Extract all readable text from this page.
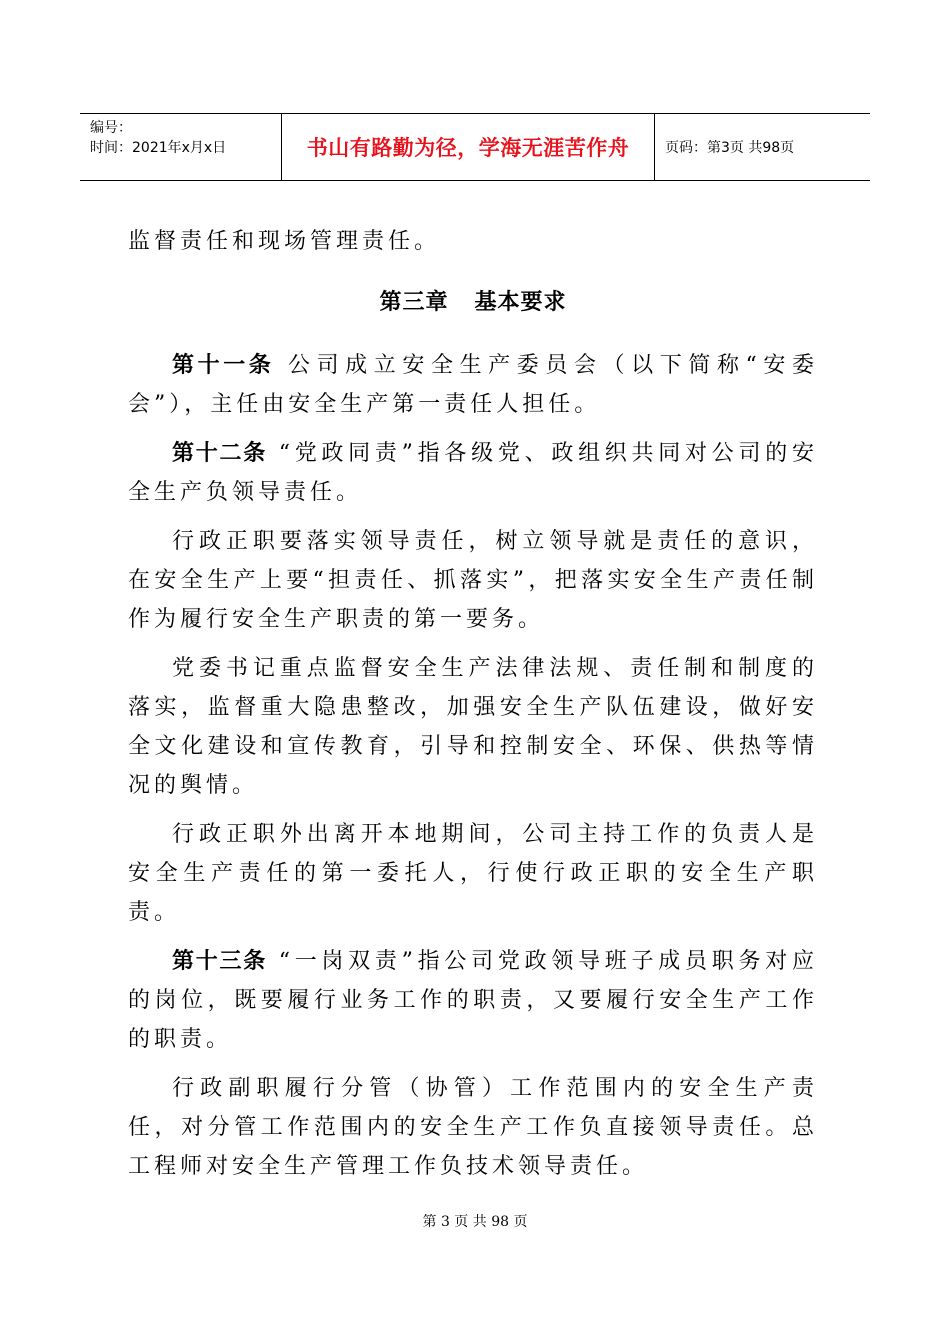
编号：
时间：2021年x月x日	书山有路勤为径，学海无涯苦作舟	页码：第3页 共98页

监督责任和现场管理责任。

第三章   基本要求

第十一条 公司成立安全生产委员会（以下简称“安委会”），主任由安全生产第一责任人担任。

第十二条 “党政同责”指各级党、政组织共同对公司的安全生产负领导责任。

行政正职要落实领导责任，树立领导就是责任的意识，在安全生产上要“担责任、抓落实”，把落实安全生产责任制作为履行安全生产职责的第一要务。

党委书记重点监督安全生产法律法规、责任制和制度的落实，监督重大隐患整改，加强安全生产队伍建设，做好安全文化建设和宣传教育，引导和控制安全、环保、供热等情况的舆情。

行政正职外出离开本地期间，公司主持工作的负责人是安全生产责任的第一委托人，行使行政正职的安全生产职责。

第十三条 “一岗双责”指公司党政领导班子成员职务对应的岗位，既要履行业务工作的职责，又要履行安全生产工作的职责。

行政副职履行分管（协管）工作范围内的安全生产责任，对分管工作范围内的安全生产工作负直接领导责任。总工程师对安全生产管理工作负技术领导责任。

第 3 页 共 98 页
